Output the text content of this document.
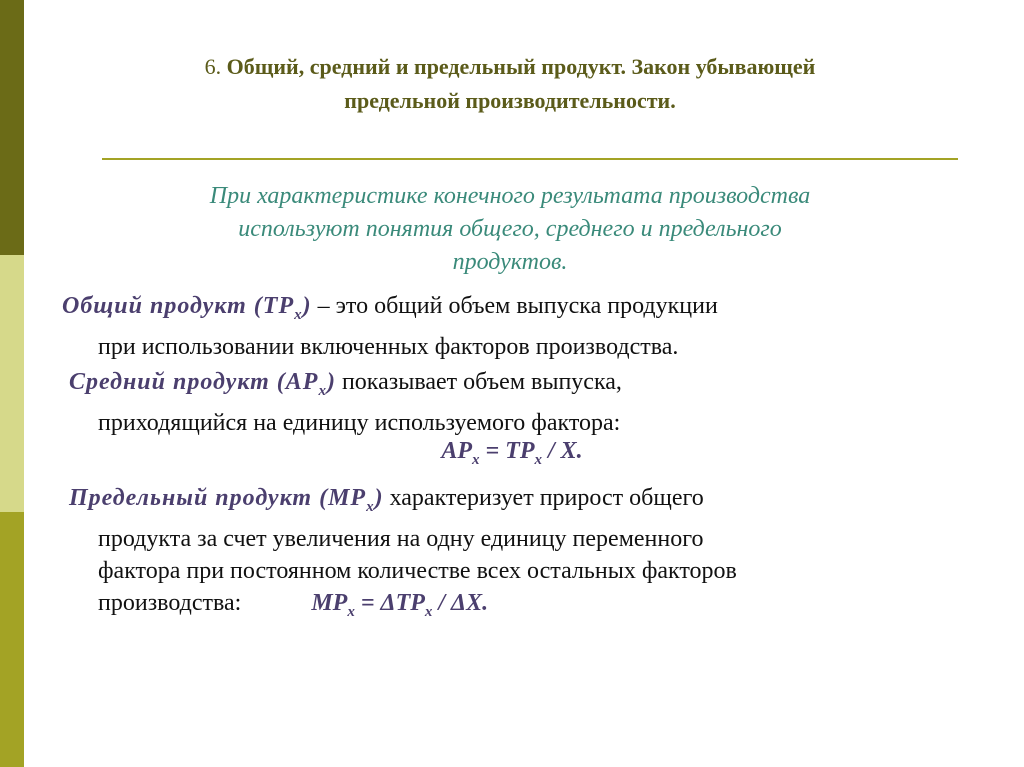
6. Общий, средний и предельный продукт. Закон убывающей
предельной производительности.
При характеристике конечного результата производства
используют понятия общего, среднего и предельного
продуктов.
Общий продукт $(TP_x)$ – это общий объем выпуска продукции
при использовании включенных факторов производства.
Средний продукт $(AP_x)$ показывает объем выпуска,
приходящийся на единицу используемого фактора:
$AP_x = TP_x / X$.
Предельный продукт $(MP_x)$ характеризует прирост общего
продукта за счет увеличения на одну единицу переменного
фактора при постоянном количестве всех остальных факторов
производства:	$MP_x = \Delta TP_x / \Delta X$.
